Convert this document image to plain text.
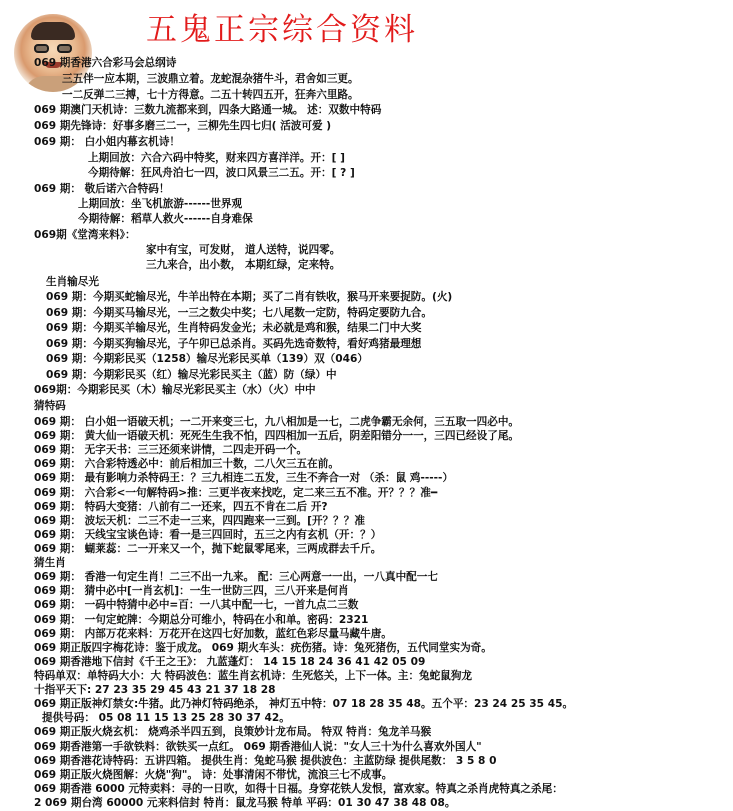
五鬼正宗综合资料
069 期香港六合彩马会总纲诗
三五伴一应本期，三波鼎立着。龙蛇混杂猪牛斗，君舍如三更。
一二反弹二三搏，七十方得意。二五十转四五开，狂奔六里路。
069 期澳门天机诗：三数九流都来到，四条大路通一城。 述：双数中特码
069 期先锋诗：好事多磨三二一，三柳先生四七归( 活波可爱 )
069 期： 白小姐内幕玄机诗！
上期回放：六合六码中特奖，财来四方喜洋洋。开：[ ]
今期待解：狂风舟泊七一四，波口风景三二五。开：[ ? ]
069 期： 敬后诺六合特码！
上期回放：坐飞机旅游------世界观
今期待解：稻草人救火------自身难保
069期《堂湾来料》：
家中有宝，可发财， 道人送特，说四零。
三九来合，出小数， 本期红绿，定来特。
生肖输尽光
069 期：今期买蛇输尽光，牛羊出特在本期；买了二肖有铁收，猴马开来要捉防。(火)
069 期：今期买马输尽光，一三之数尖中奖；七八尾数一定防，特码定要防九合。
069 期：今期买羊输尽光，生肖特码发金光；未必就是鸡和猴，结果二门中大奖
069 期：今期买狗输尽光，子午卯已总杀肖。买码先选奇数特，看好鸡猪最理想
069 期：今期彩民买（1258）输尽光彩民买单（139）双（046）
069 期：今期彩民买（红）输尽光彩民买主（蓝）防（绿）中
069期：今期彩民买（木）输尽光彩民买主（水）（火）中中
猜特码
069 期： 白小姐一语破天机；一二开来变三七，九八相加是一七，二虎争霸无余何，三五取一四必中。
069 期： 黄大仙一语破天机：死死生生我不怕，四四相加一五后，阴差阳错分一一，三四已经设了尾。
069 期： 无字天书：三三还须来讲情，二四走开码一个。
069 期： 六合彩特透必中：前后相加三十数，二八欠三五在前。
069 期： 最有影响力杀特码王：？三九相连二五发，三生不奔合一对 （杀：鼠 鸡-----）
069 期： 六合彩<一句解特码>推：三更半夜来找吃，定二来三五不准。开？？？准━
069 期： 特码大变猪：八前有二一还来，四五不肯在二后 开?
069 期： 波坛天机：二三不走一三来，四四跑来一三到。[开？？？准
069 期： 天线宝宝谈色诗：看一是三四回时，五三之内有玄机（开：？）
069 期： 蝴莱蕊：二一开来又一个，抛下蛇鼠零尾来，三两成群去千斤。
猜生肖
069 期： 香港一句定生肖！二三不出一九来。 配：三心两意一一出，一八真中配一七
069 期： 猜中必中[一肖玄机]：一生一世防三四，三八开来是何肖
069 期： 一码中特猜中必中=百：一八其中配一七，一首九点二三数
069 期： 一句定蛇牌：今期总分可维小，特码在小和单。密码：2321
069 期： 内部万花来料：万花开在这四七好加数，蓝红色彩尽量马藏牛唐。
069 期正版四字梅花诗：鉴于成龙。 069 期火车头：疣伤猪。诗：兔死猪伤，五代同堂实为奇。
069 期香港地下信封《千王之王》： 九蓝蓬灯： 14 15 18 24 36 41 42 05 09
特码单双：单特码大小：大 特码波色：蓝生肖玄机诗：生死悠关，上下一体。主：兔蛇鼠狗龙
十指平天下: 27 23 35 29 45 43 21 37 18 28
069 期正版神灯禁女:牛猪。此乃神灯特码绝杀， 神灯五中特：07 18 28 35 48。五个平：23 24 25 35 45。
提供号码： 05 08 11 15 13 25 28 30 37 42。
069 期正版火烧玄机： 烧鸡杀半四五到，良策妙计龙布局。 特双 特肖：兔龙羊马猴
069 期香港第一手欲铁料：欲铁买一点红。 069 期香港仙人说："女人三十为什么喜欢外国人"
069 期香港花诗特码：五讲四箱。 提供生肖：兔蛇马猴 提供波色：主蓝防绿 提供尾数： 3 5 8 0
069 期正版火烧图解：火烧"狗"。 诗：处事清闲不带忧，流浪三七不成事。
069 期香港 6000 元特卖料：寻的一日吹，如得十日福。身穿花铁人发恨，富欢家。特真之杀肖虎特真之杀尾：
2 069 期台湾 60000 元来料信封 特肖：鼠龙马猴 特单 平码：01 30 47 38 48 08。
